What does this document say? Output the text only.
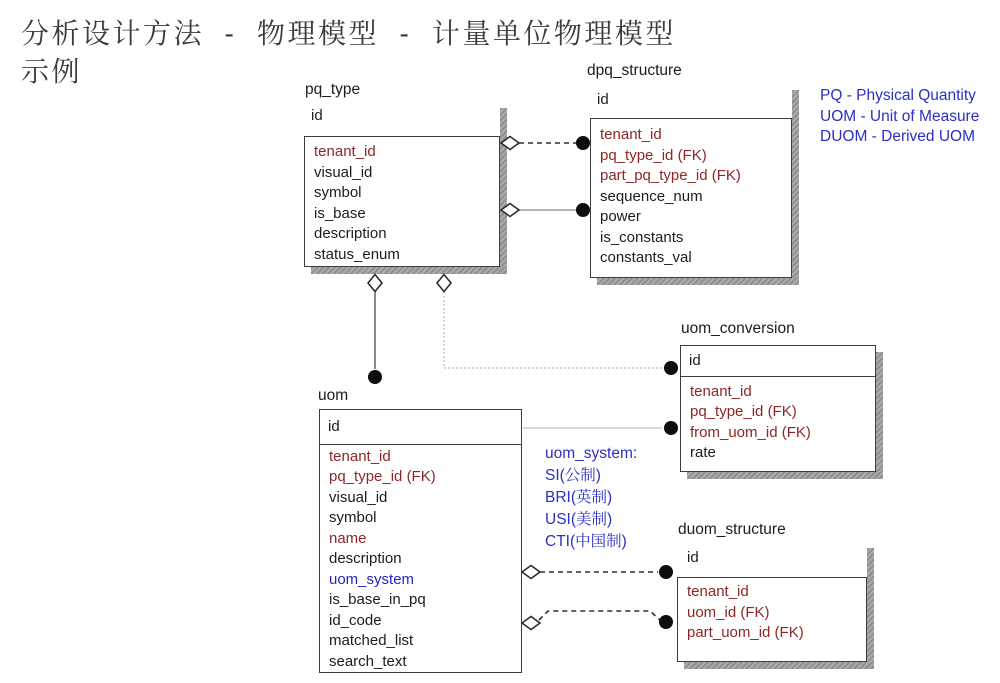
分析设计方法  -  物理模型  -  计量单位物理模型
示例
PQ - Physical Quantity
UOM - Unit of Measure
DUOM - Derived UOM
uom_system:
SI(公制)
BRI(英制)
USI(美制)
CTI(中国制)
pq_type
id
tenant_id
visual_id
symbol
is_base
description
status_enum
dpq_structure
id
tenant_id
pq_type_id (FK)
part_pq_type_id (FK)
sequence_num
power
is_constants
constants_val
uom_conversion
id
tenant_id
pq_type_id (FK)
from_uom_id (FK)
rate
uom
id
tenant_id
pq_type_id (FK)
visual_id
symbol
name
description
uom_system
is_base_in_pq
id_code
matched_list
search_text
duom_structure
id
tenant_id
uom_id (FK)
part_uom_id (FK)
